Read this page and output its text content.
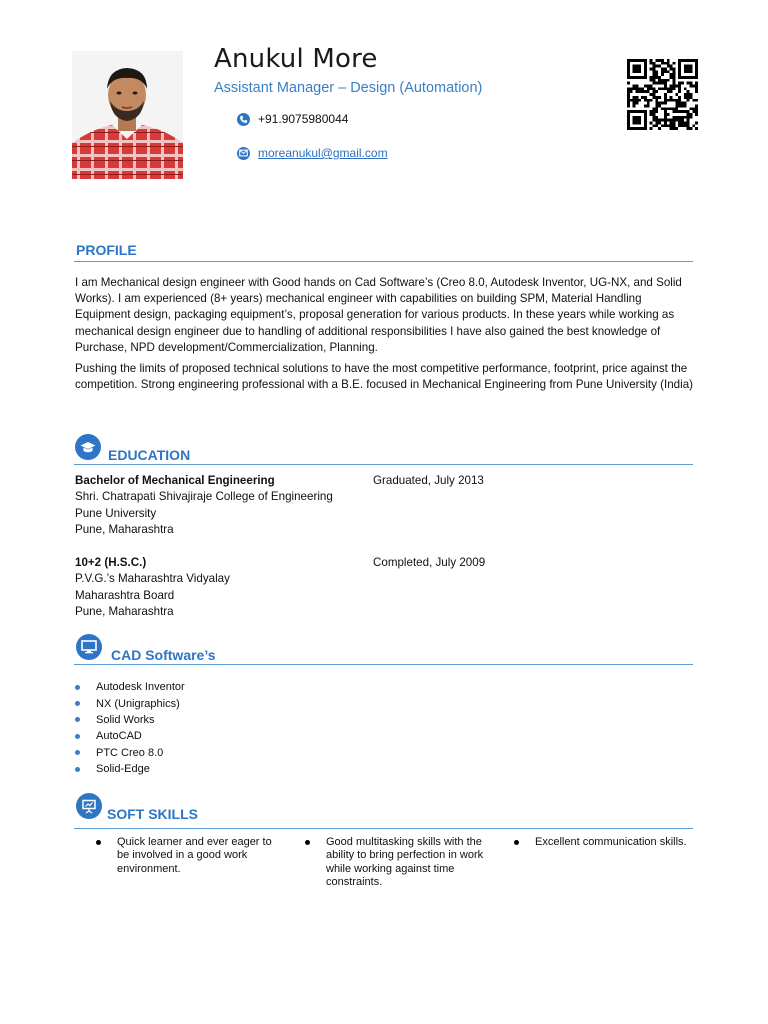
Anukul More
Assistant Manager – Design (Automation)
+91.9075980044
moreanukul@gmail.com
PROFILE
I am Mechanical design engineer with Good hands on Cad Software’s (Creo 8.0, Autodesk Inventor, UG-NX, and Solid Works). I am experienced (8+ years) mechanical engineer with capabilities on building SPM, Material Handling Equipment design, packaging equipment’s, proposal generation for various products. In these years while working as mechanical design engineer due to handling of additional responsibilities I have also gained the best knowledge of Purchase, NPD development/Commercialization, Planning.
Pushing the limits of proposed technical solutions to have the most competitive performance, footprint, price against the competition. Strong engineering professional with a B.E. focused in Mechanical Engineering from Pune University (India)
EDUCATION
Bachelor of Mechanical Engineering
Shri. Chatrapati Shivajiraje College of Engineering
Pune University
Pune, Maharashtra
Graduated, July 2013
10+2 (H.S.C.)
P.V.G.’s Maharashtra Vidyalay
Maharashtra Board
Pune, Maharashtra
Completed, July 2009
CAD Software’s
Autodesk Inventor
NX (Unigraphics)
Solid Works
AutoCAD
PTC Creo 8.0
Solid-Edge
SOFT SKILLS
Quick learner and ever eager to be involved in a good work environment.
Good multitasking skills with the ability to bring perfection in work while working against time constraints.
Excellent communication skills.
